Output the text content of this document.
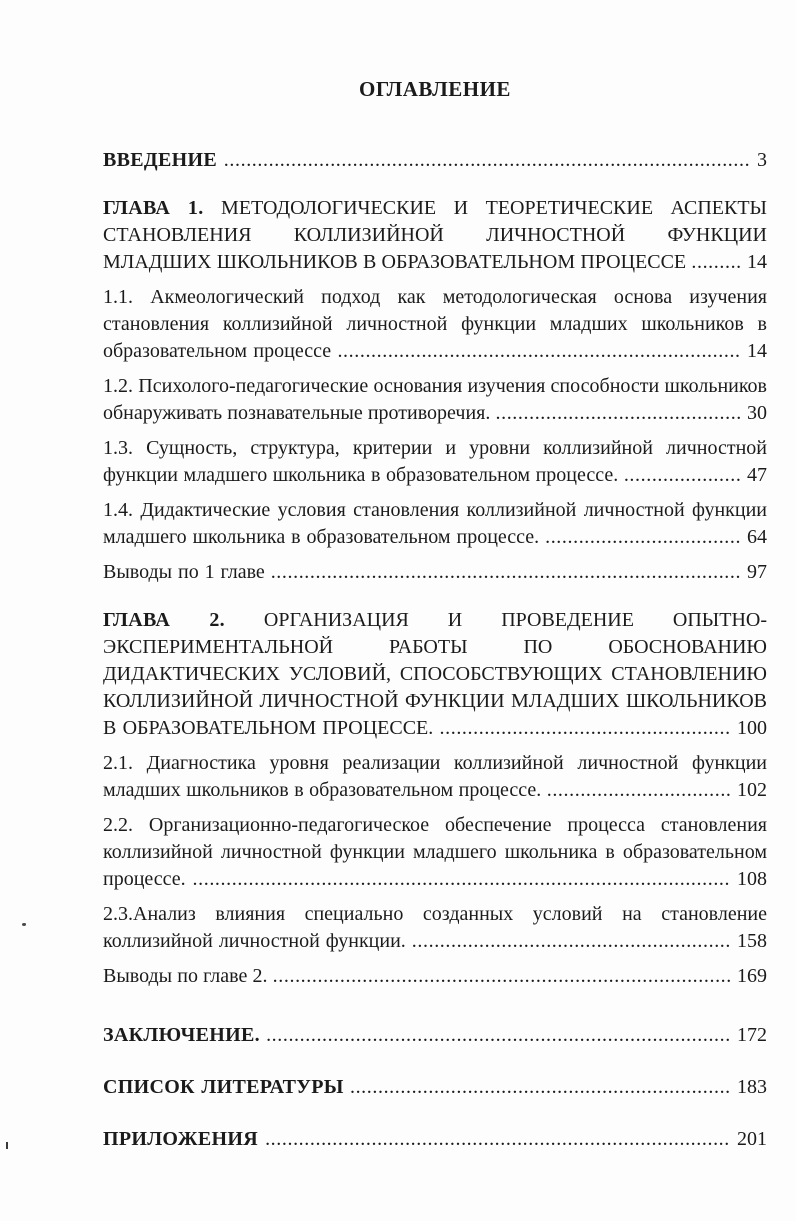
ОГЛАВЛЕНИЕ
ВВЕДЕНИЕ .............................................................................................. 3
ГЛАВА 1. МЕТОДОЛОГИЧЕСКИЕ И ТЕОРЕТИЧЕСКИЕ АСПЕКТЫ СТАНОВЛЕНИЯ КОЛЛИЗИЙНОЙ ЛИЧНОСТНОЙ ФУНКЦИИ МЛАДШИХ ШКОЛЬНИКОВ В ОБРАЗОВАТЕЛЬНОМ ПРОЦЕССЕ ......... 14
1.1. Акмеологический подход как методологическая основа изучения становления коллизийной личностной функции младших школьников в образовательном процессе ........................................................................ 14
1.2. Психолого-педагогические основания изучения способности школьников обнаруживать познавательные противоречия. ............................................ 30
1.3. Сущность, структура, критерии и уровни коллизийной личностной функции младшего школьника в образовательном процессе. ..................... 47
1.4. Дидактические условия становления коллизийной личностной функции младшего школьника в образовательном процессе. ................................... 64
Выводы по 1 главе .................................................................................... 97
ГЛАВА 2. ОРГАНИЗАЦИЯ И ПРОВЕДЕНИЕ ОПЫТНО-ЭКСПЕРИМЕНТАЛЬНОЙ РАБОТЫ ПО ОБОСНОВАНИЮ ДИДАКТИЧЕСКИХ УСЛОВИЙ, СПОСОБСТВУЮЩИХ СТАНОВЛЕНИЮ КОЛЛИЗИЙНОЙ ЛИЧНОСТНОЙ ФУНКЦИИ МЛАДШИХ ШКОЛЬНИКОВ В ОБРАЗОВАТЕЛЬНОМ ПРОЦЕССЕ. .................................................... 100
2.1. Диагностика уровня реализации коллизийной личностной функции младших школьников в образовательном процессе. ................................. 102
2.2. Организационно-педагогическое обеспечение процесса становления коллизийной личностной функции младшего школьника в образовательном процессе. ................................................................................................ 108
2.3.Анализ влияния специально созданных условий на становление коллизийной личностной функции. ......................................................... 158
Выводы по главе 2. .................................................................................. 169
ЗАКЛЮЧЕНИЕ. ................................................................................... 172
СПИСОК ЛИТЕРАТУРЫ .................................................................... 183
ПРИЛОЖЕНИЯ ................................................................................... 201
